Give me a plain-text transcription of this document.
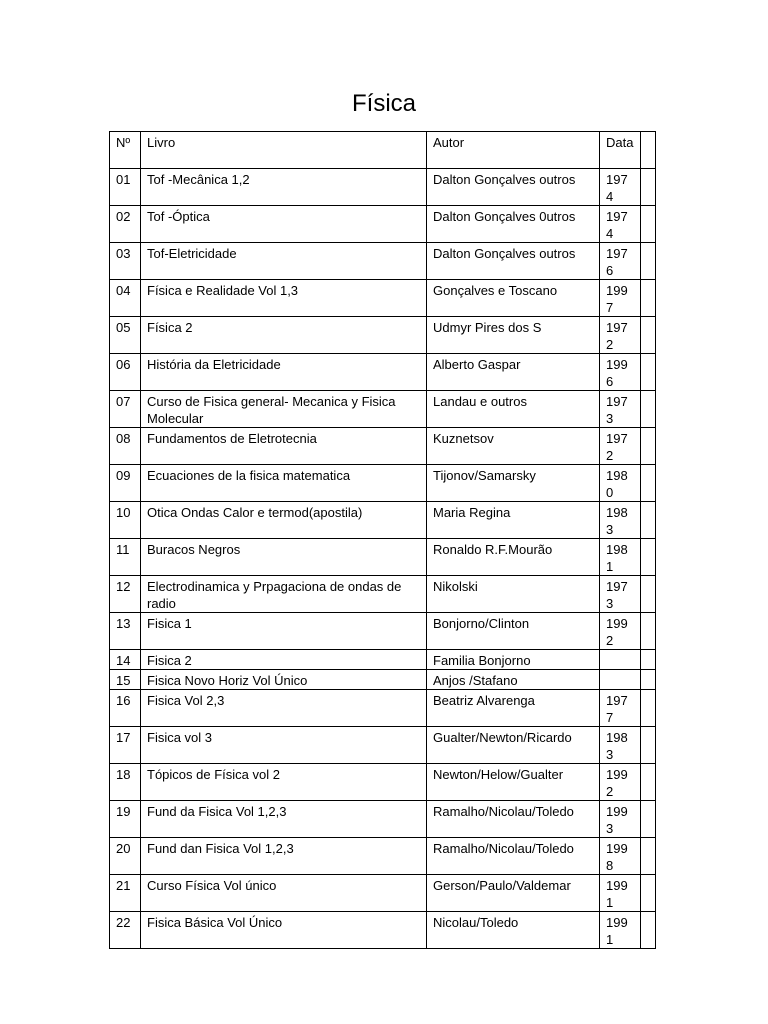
Física
Nº	Livro	Autor	Data	
01	Tof -Mecânica 1,2	Dalton Gonçalves outros	1974	
02	Tof -Óptica	Dalton Gonçalves 0utros	1974	
03	Tof-Eletricidade	Dalton Gonçalves outros	1976	
04	Física e Realidade Vol 1,3	Gonçalves e Toscano	1997	
05	Física 2	Udmyr Pires dos S	1972	
06	História da Eletricidade	Alberto Gaspar	1996	
07	Curso de Fisica general- Mecanica y Fisica Molecular	Landau e outros	1973	
08	Fundamentos de Eletrotecnia	Kuznetsov	1972	
09	Ecuaciones de la fisica matematica	Tijonov/Samarsky	1980	
10	Otica Ondas Calor e termod(apostila)	Maria Regina	1983	
11	Buracos Negros	Ronaldo R.F.Mourão	1981	
12	Electrodinamica y Prpagaciona de ondas de radio	Nikolski	1973	
13	Fisica 1	Bonjorno/Clinton	1992	
14	Fisica 2	Familia Bonjorno		
15	Fisica Novo Horiz Vol Único	Anjos /Stafano		
16	Fisica Vol 2,3	Beatriz Alvarenga	1977	
17	Fisica vol 3	Gualter/Newton/Ricardo	1983	
18	Tópicos de Física vol 2	Newton/Helow/Gualter	1992	
19	Fund da Fisica Vol 1,2,3	Ramalho/Nicolau/Toledo	1993	
20	Fund dan Fisica Vol 1,2,3	Ramalho/Nicolau/Toledo	1998	
21	Curso Física Vol único	Gerson/Paulo/Valdemar	1991	
22	Fisica Básica Vol Único	Nicolau/Toledo	1991	
